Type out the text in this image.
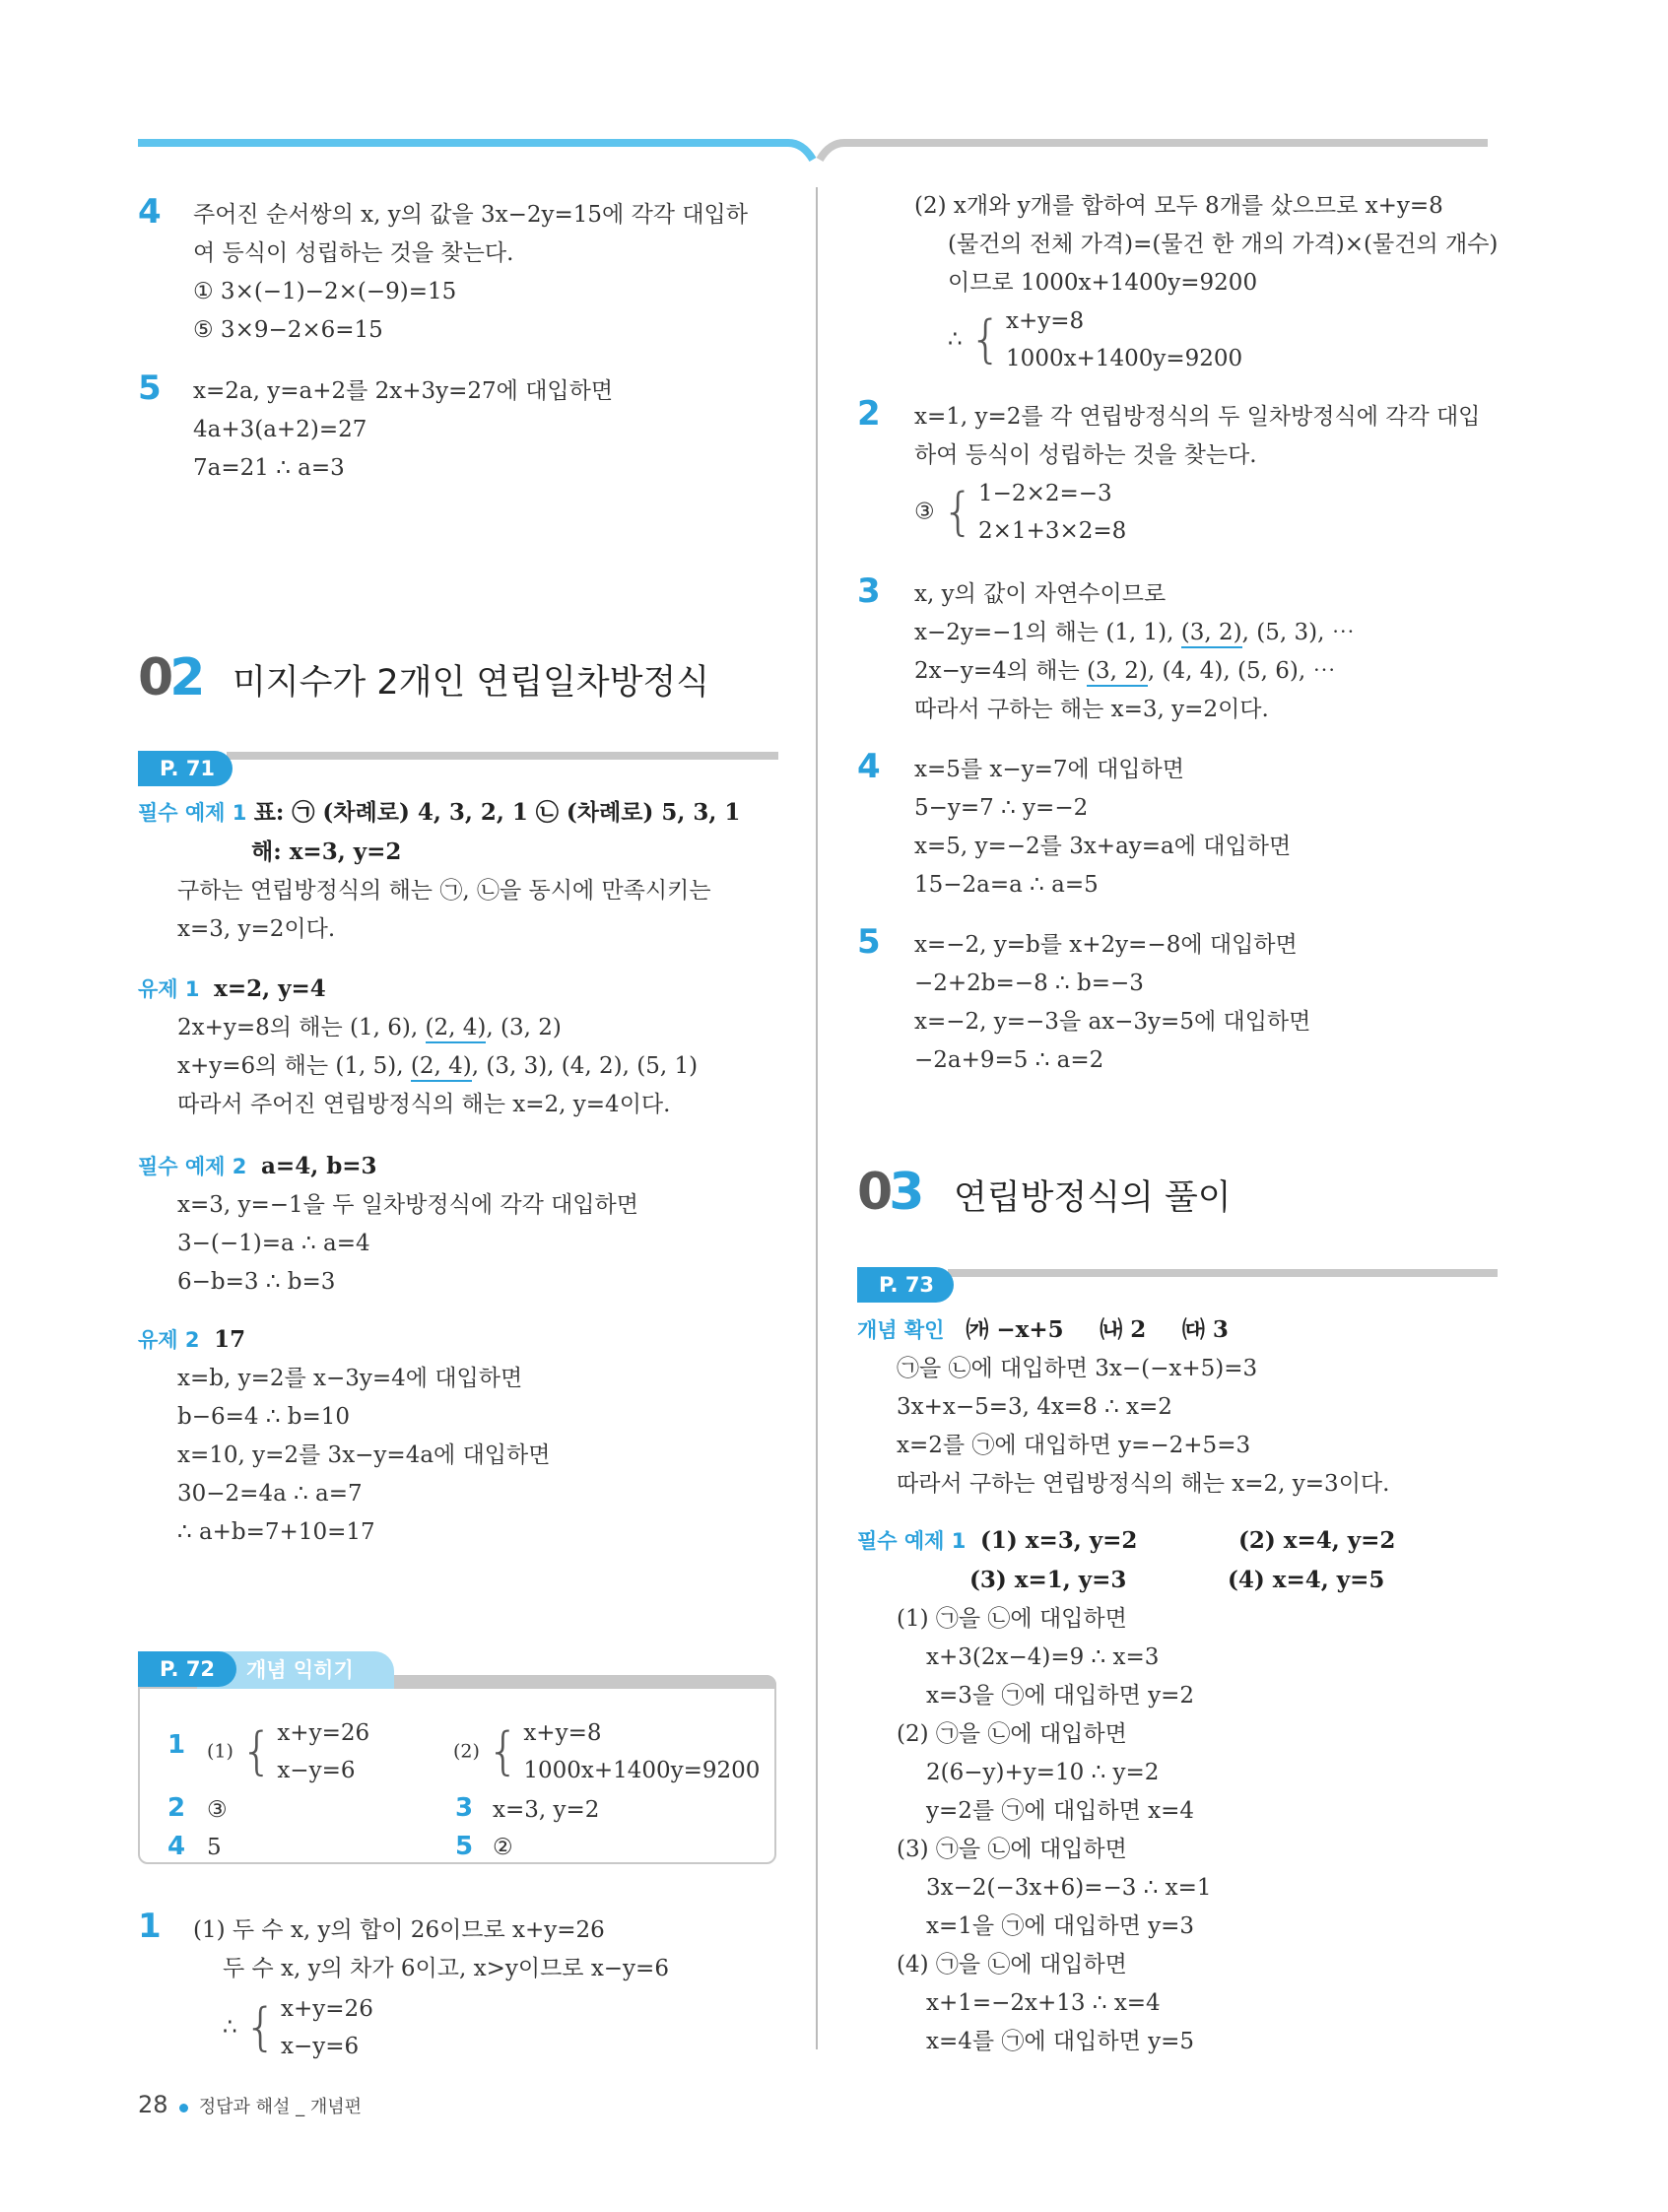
4 주어진 순서쌍의 x, y의 값을 3x−2y=15에 각각 대입하
여 등식이 성립하는 것을 찾는다.
① 3×(−1)−2×(−9)=15
⑤ 3×9−2×6=15
5 x=2a, y=a+2를 2x+3y=27에 대입하면
4a+3(a+2)=27
7a=21 ∴ a=3
02 미지수가 2개인 연립일차방정식
P. 71
필수 예제 1 표: ㉠ (차례로) 4, 3, 2, 1 ㉡ (차례로) 5, 3, 1
해: x=3, y=2
구하는 연립방정식의 해는 ㉠, ㉡을 동시에 만족시키는
x=3, y=2이다.
유제 1 x=2, y=4
2x+y=8의 해는 (1, 6), (2, 4), (3, 2)
x+y=6의 해는 (1, 5), (2, 4), (3, 3), (4, 2), (5, 1)
따라서 주어진 연립방정식의 해는 x=2, y=4이다.
필수 예제 2 a=4, b=3
x=3, y=−1을 두 일차방정식에 각각 대입하면
3−(−1)=a ∴ a=4
6−b=3 ∴ b=3
유제 2 17
x=b, y=2를 x−3y=4에 대입하면
b−6=4 ∴ b=10
x=10, y=2를 3x−y=4a에 대입하면
30−2=4a ∴ a=7
∴ a+b=7+10=17
개념 익히기
P. 72
1 (1) { x+y=26
x−y=6
(2) { x+y=8
1000x+1400y=9200
2 ③	3 x=3, y=2
4 5	5 ②
1 (1) 두 수 x, y의 합이 26이므로 x+y=26
두 수 x, y의 차가 6이고, x>y이므로 x−y=6
∴ { x+y=26
x−y=6
(2) x개와 y개를 합하여 모두 8개를 샀으므로 x+y=8
(물건의 전체 가격)=(물건 한 개의 가격)×(물건의 개수)
이므로 1000x+1400y=9200
∴ { x+y=8
1000x+1400y=9200
2 x=1, y=2를 각 연립방정식의 두 일차방정식에 각각 대입
하여 등식이 성립하는 것을 찾는다.
③ { 1−2×2=−3
2×1+3×2=8
3 x, y의 값이 자연수이므로
x−2y=−1의 해는 (1, 1), (3, 2), (5, 3), ⋯
2x−y=4의 해는 (3, 2), (4, 4), (5, 6), ⋯
따라서 구하는 해는 x=3, y=2이다.
4 x=5를 x−y=7에 대입하면
5−y=7 ∴ y=−2
x=5, y=−2를 3x+ay=a에 대입하면
15−2a=a ∴ a=5
5 x=−2, y=b를 x+2y=−8에 대입하면
−2+2b=−8 ∴ b=−3
x=−2, y=−3을 ax−3y=5에 대입하면
−2a+9=5 ∴ a=2
03 연립방정식의 풀이
P. 73
개념 확인 ㈎ −x+5 ㈏ 2 ㈐ 3
㉠을 ㉡에 대입하면 3x−(−x+5)=3
3x+x−5=3, 4x=8 ∴ x=2
x=2를 ㉠에 대입하면 y=−2+5=3
따라서 구하는 연립방정식의 해는 x=2, y=3이다.
필수 예제 1 (1) x=3, y=2	(2) x=4, y=2
(3) x=1, y=3	(4) x=4, y=5
(1) ㉠을 ㉡에 대입하면
x+3(2x−4)=9 ∴ x=3
x=3을 ㉠에 대입하면 y=2
(2) ㉠을 ㉡에 대입하면
2(6−y)+y=10 ∴ y=2
y=2를 ㉠에 대입하면 x=4
(3) ㉠을 ㉡에 대입하면
3x−2(−3x+6)=−3 ∴ x=1
x=1을 ㉠에 대입하면 y=3
(4) ㉠을 ㉡에 대입하면
x+1=−2x+13 ∴ x=4
x=4를 ㉠에 대입하면 y=5
28 정답과 해설 _ 개념편
